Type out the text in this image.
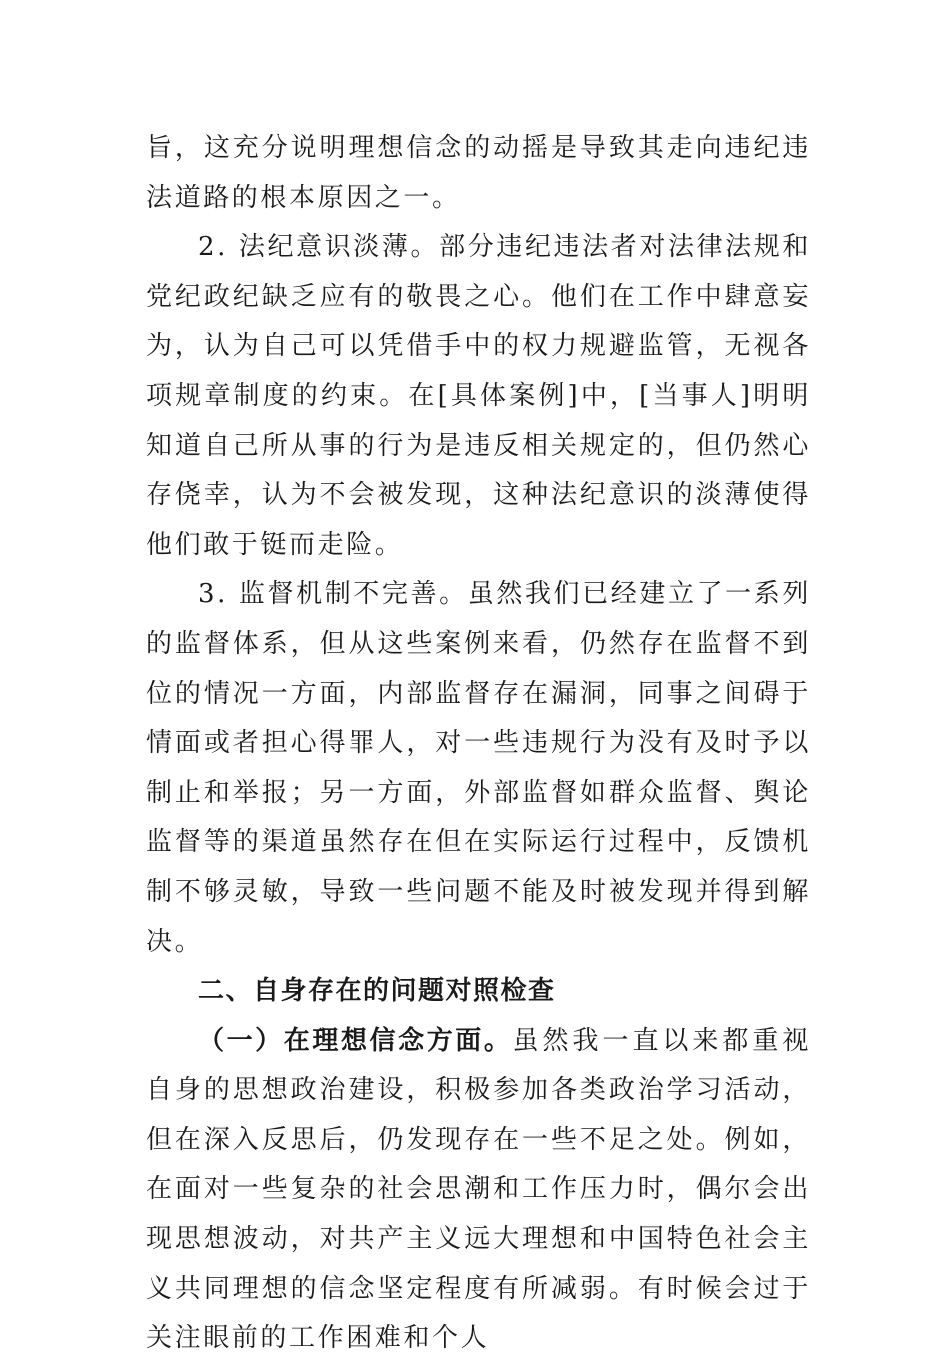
旨，这充分说明理想信念的动摇是导致其走向违纪违法道路的根本原因之一。

2. 法纪意识淡薄。部分违纪违法者对法律法规和党纪政纪缺乏应有的敬畏之心。他们在工作中肆意妄为，认为自己可以凭借手中的权力规避监管，无视各项规章制度的约束。在[具体案例]中，[当事人]明明知道自己所从事的行为是违反相关规定的，但仍然心存侥幸，认为不会被发现，这种法纪意识的淡薄使得他们敢于铤而走险。

3. 监督机制不完善。虽然我们已经建立了一系列的监督体系，但从这些案例来看，仍然存在监督不到位的情况一方面，内部监督存在漏洞，同事之间碍于情面或者担心得罪人，对一些违规行为没有及时予以制止和举报；另一方面，外部监督如群众监督、舆论监督等的渠道虽然存在但在实际运行过程中，反馈机制不够灵敏，导致一些问题不能及时被发现并得到解决。

二、自身存在的问题对照检查

（一）在理想信念方面。虽然我一直以来都重视自身的思想政治建设，积极参加各类政治学习活动，但在深入反思后，仍发现存在一些不足之处。例如，在面对一些复杂的社会思潮和工作压力时，偶尔会出现思想波动，对共产主义远大理想和中国特色社会主义共同理想的信念坚定程度有所减弱。有时候会过于关注眼前的工作困难和个人
